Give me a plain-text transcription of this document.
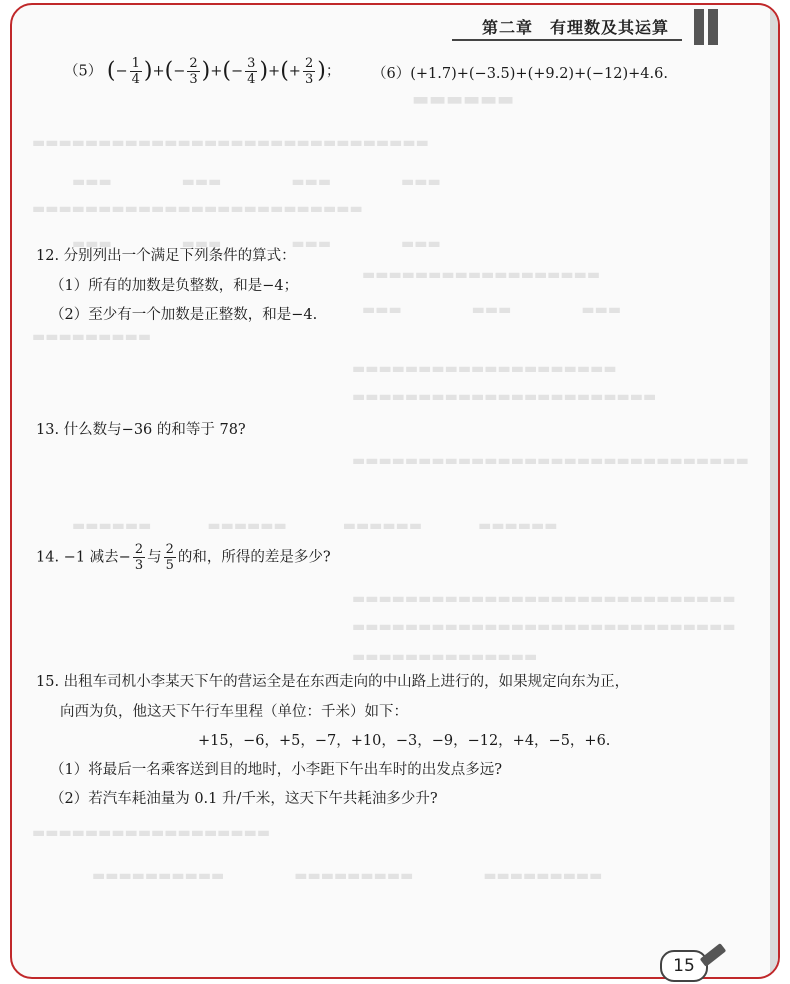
第二章　有理数及其运算
（5） (− $\frac{1}{4}$ )+(− $\frac{2}{3}$ )+(− $\frac{3}{4}$ )+(+ $\frac{2}{3}$ )； （6）(+1.7)+(−3.5)+(+9.2)+(−12)+4.6.
▬▬▬▬▬▬
▬▬▬▬▬▬▬▬▬▬▬▬▬▬▬▬▬▬▬▬▬▬▬▬▬▬▬▬▬▬
▬▬▬　　　　　▬▬▬　　　　　▬▬▬　　　　　▬▬▬
▬▬▬▬▬▬▬▬▬▬▬▬▬▬▬▬▬▬▬▬▬▬▬▬▬
▬▬▬　　　　　▬▬▬　　　　　▬▬▬　　　　　▬▬▬
▬▬▬▬▬▬▬▬▬▬▬▬▬▬▬▬▬▬
▬▬▬　　　　　▬▬▬　　　　　▬▬▬
▬▬▬▬▬▬▬▬▬
▬▬▬▬▬▬▬▬▬▬▬▬▬▬▬▬▬▬▬▬
▬▬▬▬▬▬▬▬▬▬▬▬▬▬▬▬▬▬▬▬▬▬▬
▬▬▬▬▬▬▬▬▬▬▬▬▬▬▬▬▬▬▬▬▬▬▬▬▬▬▬▬▬▬
▬▬▬▬▬▬　　　　▬▬▬▬▬▬　　　　▬▬▬▬▬▬　　　　▬▬▬▬▬▬
▬▬▬▬▬▬▬▬▬▬▬▬▬▬▬▬▬▬▬▬▬▬▬▬▬▬▬▬▬
▬▬▬▬▬▬▬▬▬▬▬▬▬▬▬▬▬▬▬▬▬▬▬▬▬▬▬▬▬
▬▬▬▬▬▬▬▬▬▬▬▬▬▬
▬▬▬▬▬▬▬▬▬▬▬▬▬▬▬▬▬▬
▬▬▬▬▬▬▬▬▬▬　　　　　▬▬▬▬▬▬▬▬▬　　　　　▬▬▬▬▬▬▬▬▬
12. 分别列出一个满足下列条件的算式：
（1）所有的加数是负整数，和是−4；
（2）至少有一个加数是正整数，和是−4.
13. 什么数与−36 的和等于 78?
14. −1 减去− $\frac{2}{3}$ 与 $\frac{2}{5}$ 的和，所得的差是多少?
15. 出租车司机小李某天下午的营运全是在东西走向的中山路上进行的，如果规定向东为正，
向西为负，他这天下午行车里程（单位：千米）如下：
+15，−6，+5，−7，+10，−3，−9，−12，+4，−5，+6.
（1）将最后一名乘客送到目的地时，小李距下午出车时的出发点多远?
（2）若汽车耗油量为 0.1 升/千米，这天下午共耗油多少升?
15
